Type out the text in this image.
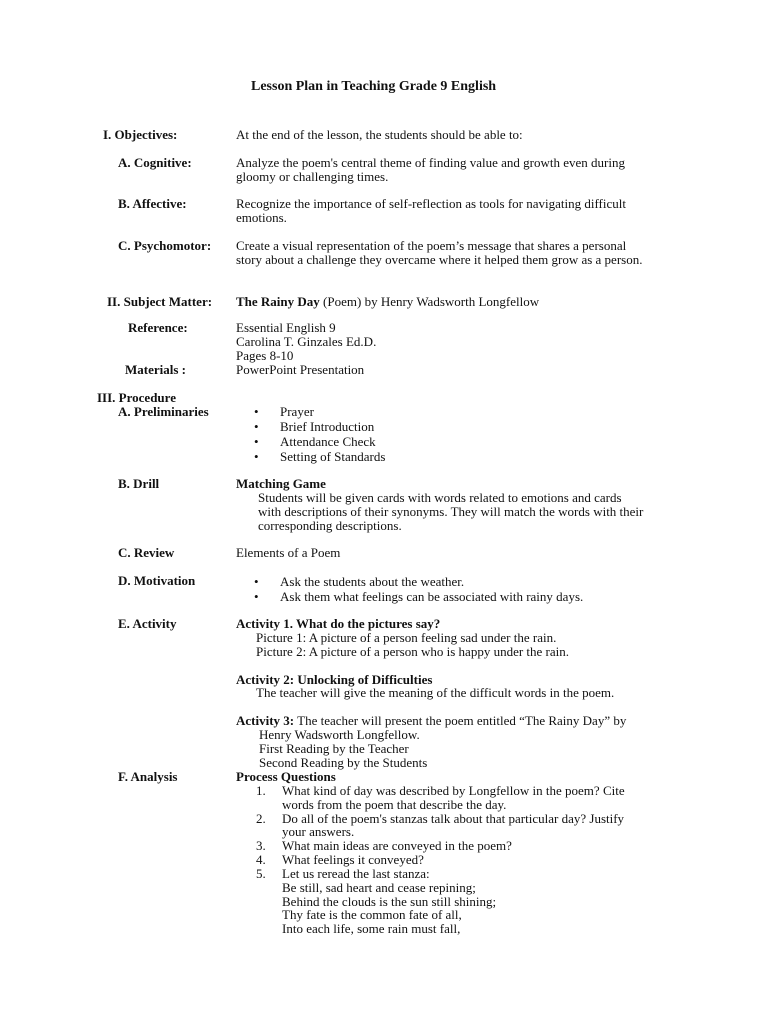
Lesson Plan in Teaching Grade 9 English
I. Objectives:	At the end of the lesson, the students should be able to:
A. Cognitive:	Analyze the poem's central theme of finding value and growth even during
gloomy or challenging times.
B. Affective:	Recognize the importance of self-reflection as tools for navigating difficult
emotions.
C. Psychomotor: Create a visual representation of the poem’s message that shares a personal
story about a challenge they overcame where it helped them grow as a person.
II. Subject Matter: The Rainy Day (Poem) by Henry Wadsworth Longfellow
Reference:	Essential English 9
Carolina T. Ginzales Ed.D.
Pages 8-10
Materials :	PowerPoint Presentation
III. Procedure
A. Preliminaries	• Prayer
• Brief Introduction
• Attendance Check
• Setting of Standards
B. Drill	Matching Game
Students will be given cards with words related to emotions and cards
with descriptions of their synonyms. They will match the words with their
corresponding descriptions.
C. Review	Elements of a Poem
D. Motivation	• Ask the students about the weather.
• Ask them what feelings can be associated with rainy days.
E. Activity	Activity 1. What do the pictures say?
Picture 1: A picture of a person feeling sad under the rain.
Picture 2: A picture of a person who is happy under the rain.
Activity 2: Unlocking of Difficulties
The teacher will give the meaning of the difficult words in the poem.
Activity 3: The teacher will present the poem entitled “The Rainy Day” by
Henry Wadsworth Longfellow.
First Reading by the Teacher
Second Reading by the Students
F. Analysis	Process Questions
1. What kind of day was described by Longfellow in the poem? Cite
words from the poem that describe the day.
2. Do all of the poem's stanzas talk about that particular day? Justify
your answers.
3. What main ideas are conveyed in the poem?
4. What feelings it conveyed?
5. Let us reread the last stanza:
Be still, sad heart and cease repining;
Behind the clouds is the sun still shining;
Thy fate is the common fate of all,
Into each life, some rain must fall,
